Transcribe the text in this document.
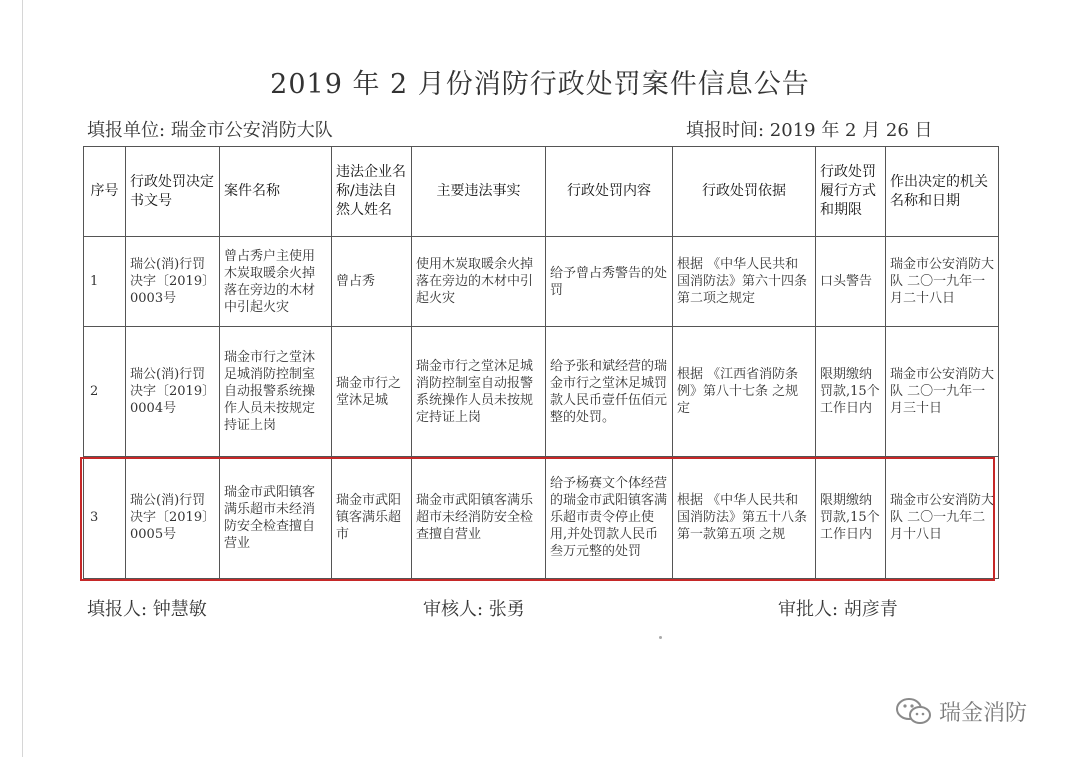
2019 年 2 月份消防行政处罚案件信息公告
填报单位: 瑞金市公安消防大队	填报时间: 2019 年 2 月 26 日
序号	行政处罚决定书文号	案件名称	违法企业名称/违法自然人姓名	主要违法事实	行政处罚内容	行政处罚依据	行政处罚履行方式和期限	作出决定的机关名称和日期
1	瑞公(消)行罚决字〔2019〕0003号	曾占秀户主使用木炭取暖余火掉落在旁边的木材中引起火灾	曾占秀	使用木炭取暖余火掉落在旁边的木材中引起火灾	给予曾占秀警告的处罚	根据 《中华人民共和国消防法》第六十四条第二项之规定	口头警告	瑞金市公安消防大队 二〇一九年一月二十八日
2	瑞公(消)行罚决字〔2019〕0004号	瑞金市行之堂沐足城消防控制室自动报警系统操作人员未按规定持证上岗	瑞金市行之堂沐足城	瑞金市行之堂沐足城消防控制室自动报警系统操作人员未按规定持证上岗	给予张和斌经营的瑞金市行之堂沐足城罚款人民币壹仟伍佰元整的处罚。	根据 《江西省消防条例》第八十七条 之规定	限期缴纳罚款,15个工作日内	瑞金市公安消防大队 二〇一九年一月三十日
3	瑞公(消)行罚决字〔2019〕0005号	瑞金市武阳镇客满乐超市未经消防安全检查擅自营业	瑞金市武阳镇客满乐超市	瑞金市武阳镇客满乐超市未经消防安全检查擅自营业	给予杨赛文个体经营的瑞金市武阳镇客满乐超市责令停止使用,并处罚款人民币叁万元整的处罚	根据 《中华人民共和国消防法》第五十八条第一款第五项 之规	限期缴纳罚款,15个工作日内	瑞金市公安消防大队 二〇一九年二月十八日
填报人: 钟慧敏	审核人: 张勇	审批人: 胡彦青
瑞金消防
